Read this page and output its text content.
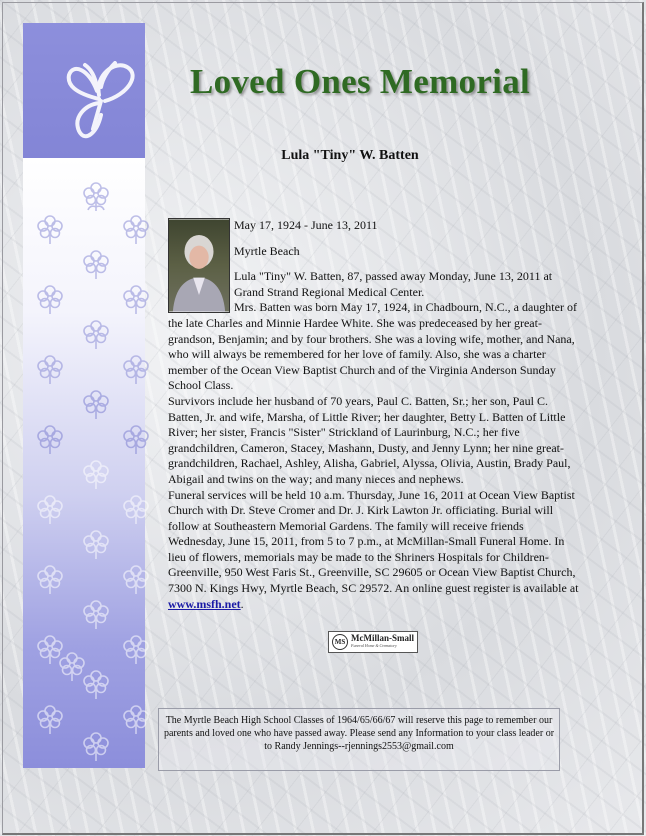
Loved Ones Memorial
Lula "Tiny" W. Batten

May 17, 1924 - June 13, 2011

Myrtle Beach

Lula "Tiny" W. Batten, 87, passed away Monday, June 13, 2011 at Grand Strand Regional Medical Center.

Mrs. Batten was born May 17, 1924, in Chadbourn, N.C., a daughter of the late Charles and Minnie Hardee White. She was predeceased by her great-grandson, Benjamin; and by four brothers. She was a loving wife, mother, and Nana, who will always be remembered for her love of family. Also, she was a charter member of the Ocean View Baptist Church and of the Virginia Anderson Sunday School Class.

Survivors include her husband of 70 years, Paul C. Batten, Sr.; her son, Paul C. Batten, Jr. and wife, Marsha, of Little River; her daughter, Betty L. Batten of Little River; her sister, Francis "Sister" Strickland of Laurinburg, N.C.; her five grandchildren, Cameron, Stacey, Mashann, Dusty, and Jenny Lynn; her nine great-grandchildren, Rachael, Ashley, Alisha, Gabriel, Alyssa, Olivia, Austin, Brady Paul, Abigail and twins on the way; and many nieces and nephews.

Funeral services will be held 10 a.m. Thursday, June 16, 2011 at Ocean View Baptist Church with Dr. Steve Cromer and Dr. J. Kirk Lawton Jr. officiating. Burial will follow at Southeastern Memorial Gardens. The family will receive friends Wednesday, June 15, 2011, from 5 to 7 p.m., at McMillan-Small Funeral Home. In lieu of flowers, memorials may be made to the Shriners Hospitals for Children-Greenville, 950 West Faris St., Greenville, SC 29605 or Ocean View Baptist Church, 7300 N. Kings Hwy, Myrtle Beach, SC 29572. An online guest register is available at www.msfh.net.

MS McMillan-Small
Funeral Home & Crematory
The Myrtle Beach High School Classes of 1964/65/66/67 will reserve this page to remember our parents and loved one who have passed away. Please send any Information to your class leader or to Randy Jennings--rjennings2553@gmail.com
